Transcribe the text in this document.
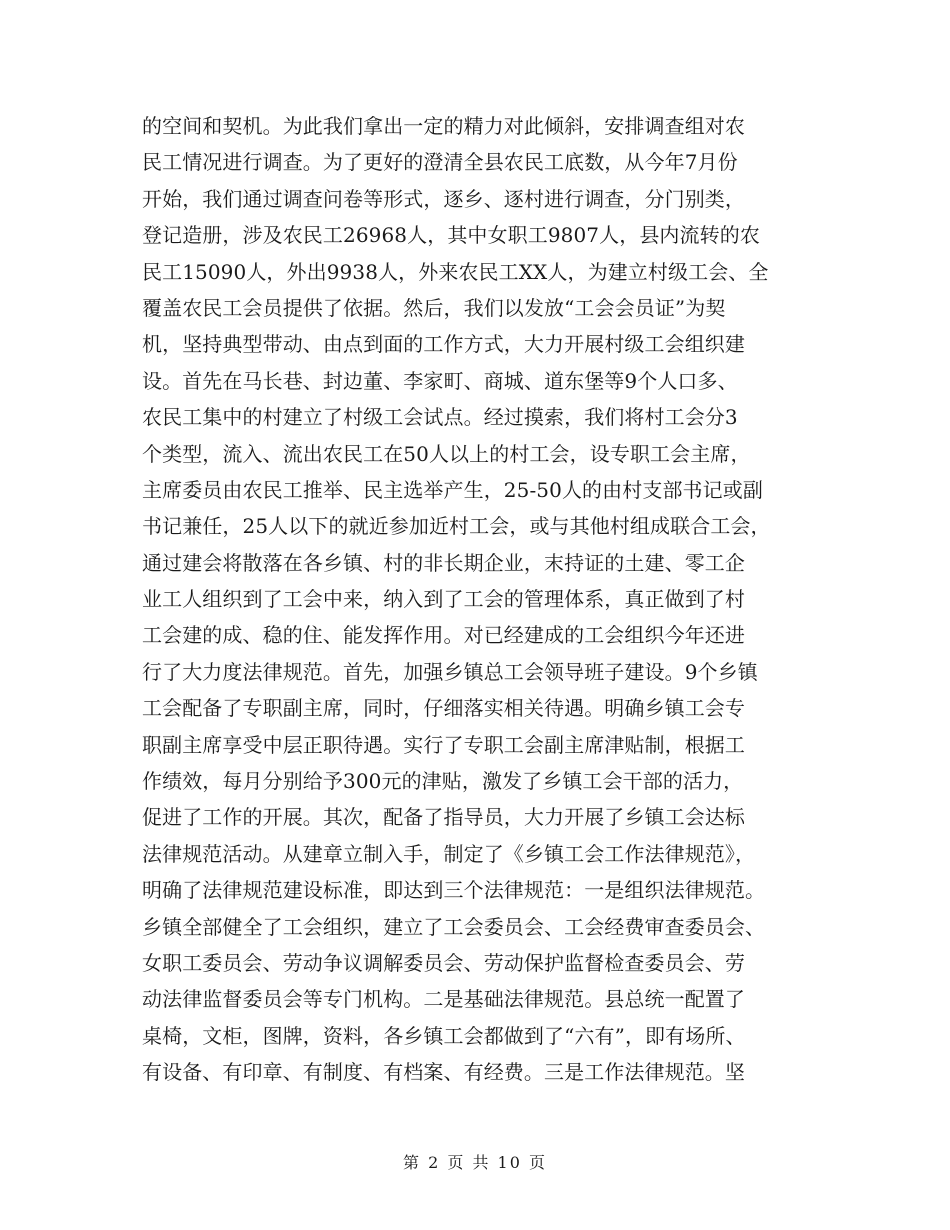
的空间和契机。为此我们拿出一定的精力对此倾斜，安排调查组对农
民工情况进行调查。为了更好的澄清全县农民工底数，从今年7月份
开始，我们通过调查问卷等形式，逐乡、逐村进行调查，分门别类，
登记造册，涉及农民工26968人，其中女职工9807人，县内流转的农
民工15090人，外出9938人，外来农民工XX人，为建立村级工会、全
覆盖农民工会员提供了依据。然后，我们以发放“工会会员证”为契
机，坚持典型带动、由点到面的工作方式，大力开展村级工会组织建
设。首先在马长巷、封边董、李家町、商城、道东堡等9个人口多、
农民工集中的村建立了村级工会试点。经过摸索，我们将村工会分3
个类型，流入、流出农民工在50人以上的村工会，设专职工会主席，
主席委员由农民工推举、民主选举产生，25-50人的由村支部书记或副
书记兼任，25人以下的就近参加近村工会，或与其他村组成联合工会，
通过建会将散落在各乡镇、村的非长期企业，末持证的土建、零工企
业工人组织到了工会中来，纳入到了工会的管理体系，真正做到了村
工会建的成、稳的住、能发挥作用。对已经建成的工会组织今年还进
行了大力度法律规范。首先，加强乡镇总工会领导班子建设。9个乡镇
工会配备了专职副主席，同时，仔细落实相关待遇。明确乡镇工会专
职副主席享受中层正职待遇。实行了专职工会副主席津贴制，根据工
作绩效，每月分别给予300元的津贴，激发了乡镇工会干部的活力，
促进了工作的开展。其次，配备了指导员，大力开展了乡镇工会达标
法律规范活动。从建章立制入手，制定了《乡镇工会工作法律规范》，
明确了法律规范建设标准，即达到三个法律规范：一是组织法律规范。
乡镇全部健全了工会组织，建立了工会委员会、工会经费审查委员会、
女职工委员会、劳动争议调解委员会、劳动保护监督检查委员会、劳
动法律监督委员会等专门机构。二是基础法律规范。县总统一配置了
桌椅，文柜，图牌，资料，各乡镇工会都做到了“六有”，即有场所、
有设备、有印章、有制度、有档案、有经费。三是工作法律规范。坚
第 2 页 共 10 页
